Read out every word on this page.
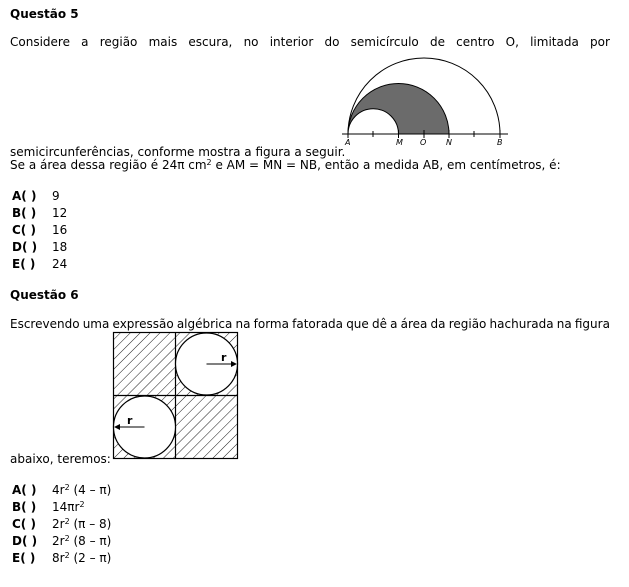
Questão 5
Considere a região mais escura, no interior do semicírculo de centro O, limitada por
A	M O N	B
semicircunferências, conforme mostra a figura a seguir.
Se a área dessa região é 24π $cm^2$ e AM = MN = NB, então a medida AB, em centímetros, é:
A( ) 9
B( ) 12
C( ) 16
D( ) 18
E( ) 24
Questão 6
Escrevendo uma expressão algébrica na forma fatorada que dê a área da região hachurada na figura
r
r
abaixo, teremos:
A( ) $4r^2$ (4 – π)
B( ) $14\pi r^2$
C( ) $2r^2$ (π – 8)
D( ) $2r^2$ (8 – π)
E( ) $8r^2$ (2 – π)
